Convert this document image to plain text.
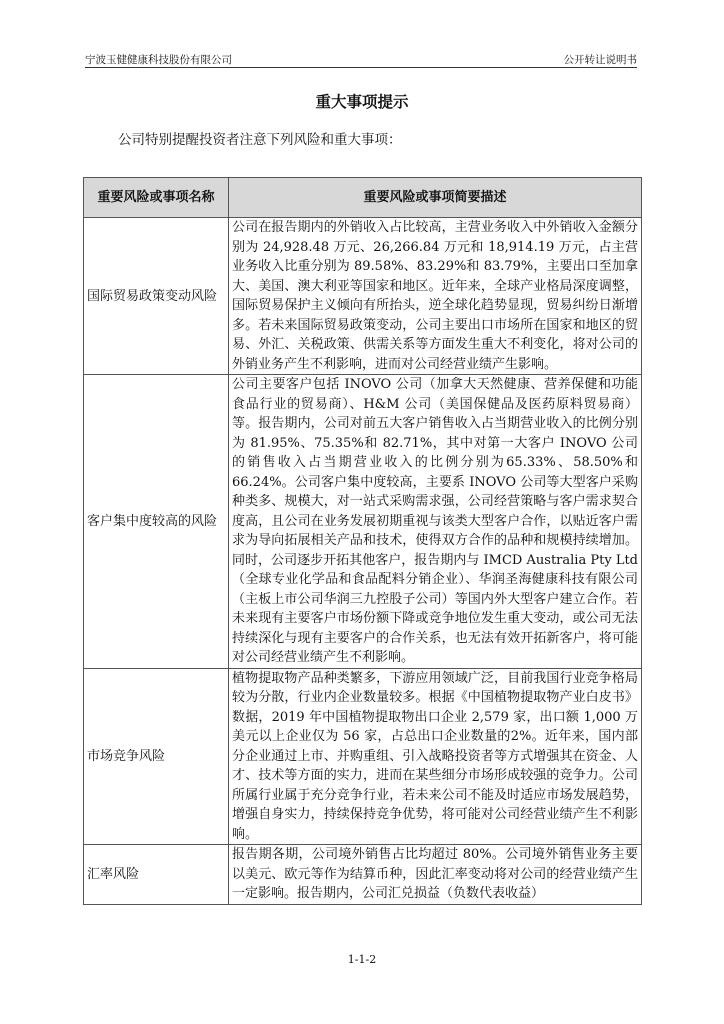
宁波玉健健康科技股份有限公司	公开转让说明书
重大事项提示
公司特别提醒投资者注意下列风险和重大事项：
重要风险或事项名称	重要风险或事项简要描述
国际贸易政策变动风险	公司在报告期内的外销收入占比较高，主营业务收入中外销收入金额分别为 24,928.48 万元、26,266.84 万元和 18,914.19 万元，占主营业务收入比重分别为 89.58%、83.29%和 83.79%，主要出口至加拿大、美国、澳大利亚等国家和地区。近年来，全球产业格局深度调整，国际贸易保护主义倾向有所抬头，逆全球化趋势显现，贸易纠纷日渐增多。若未来国际贸易政策变动，公司主要出口市场所在国家和地区的贸易、外汇、关税政策、供需关系等方面发生重大不利变化，将对公司的外销业务产生不利影响，进而对公司经营业绩产生影响。
客户集中度较高的风险	公司主要客户包括 INOVO 公司（加拿大天然健康、营养保健和功能食品行业的贸易商）、H&M 公司（美国保健品及医药原料贸易商）等。报告期内，公司对前五大客户销售收入占当期营业收入的比例分别为 81.95%、75.35%和 82.71%，其中对第一大客户 INOVO 公司的销售收入占当期营业收入的比例分别为65.33%、58.50%和 66.24%。公司客户集中度较高，主要系 INOVO 公司等大型客户采购种类多、规模大，对一站式采购需求强，公司经营策略与客户需求契合度高，且公司在业务发展初期重视与该类大型客户合作，以贴近客户需求为导向拓展相关产品和技术，使得双方合作的品种和规模持续增加。同时，公司逐步开拓其他客户，报告期内与 IMCD Australia Pty Ltd（全球专业化学品和食品配料分销企业）、华润圣海健康科技有限公司（主板上市公司华润三九控股子公司）等国内外大型客户建立合作。若未来现有主要客户市场份额下降或竞争地位发生重大变动，或公司无法持续深化与现有主要客户的合作关系，也无法有效开拓新客户，将可能对公司经营业绩产生不利影响。
市场竞争风险	植物提取物产品种类繁多，下游应用领域广泛，目前我国行业竞争格局较为分散，行业内企业数量较多。根据《中国植物提取物产业白皮书》数据，2019 年中国植物提取物出口企业 2,579 家，出口额 1,000 万美元以上企业仅为 56 家，占总出口企业数量的2%。近年来，国内部分企业通过上市、并购重组、引入战略投资者等方式增强其在资金、人才、技术等方面的实力，进而在某些细分市场形成较强的竞争力。公司所属行业属于充分竞争行业，若未来公司不能及时适应市场发展趋势，增强自身实力，持续保持竞争优势，将可能对公司经营业绩产生不利影响。
汇率风险	报告期各期，公司境外销售占比均超过 80%。公司境外销售业务主要以美元、欧元等作为结算币种，因此汇率变动将对公司的经营业绩产生一定影响。报告期内，公司汇兑损益（负数代表收益）
1-1-2
